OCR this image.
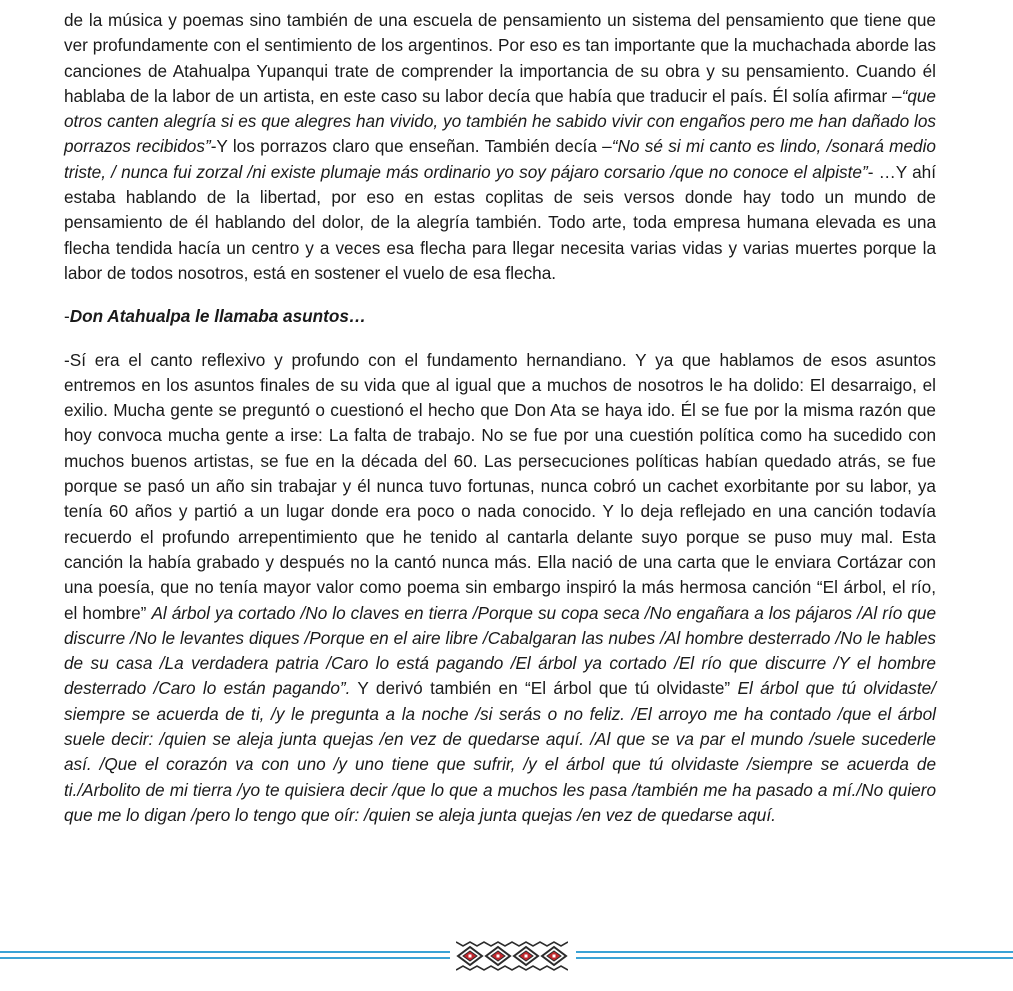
de la música y poemas sino también de una escuela de pensamiento un sistema del pensamiento que tiene que ver profundamente con el sentimiento de los argentinos. Por eso es tan importante que la muchachada aborde las canciones de Atahualpa Yupanqui trate de comprender la importancia de su obra y su pensamiento. Cuando él hablaba de la labor de un artista, en este caso su labor decía que había que traducir el país. Él solía afirmar –“que otros canten alegría si es que alegres han vivido, yo también he sabido vivir con engaños pero me han dañado los porrazos recibidos”-Y los porrazos claro que enseñan. También decía –“No sé si mi canto es lindo, /sonará medio triste, / nunca fui zorzal /ni existe plumaje más ordinario yo soy pájaro corsario /que no conoce el alpiste”- …Y ahí estaba hablando de la libertad, por eso en estas coplitas de seis versos donde hay todo un mundo de pensamiento de él hablando del dolor, de la alegría también. Todo arte, toda empresa humana elevada es una flecha tendida hacía un centro y a veces esa flecha para llegar necesita varias vidas y varias muertes porque la labor de todos nosotros, está en sostener el vuelo de esa flecha.

-Don Atahualpa le llamaba asuntos…

-Sí era el canto reflexivo y profundo con el fundamento hernandiano. Y ya que hablamos de esos asuntos entremos en los asuntos finales de su vida que al igual que a muchos de nosotros le ha dolido: El desarraigo, el exilio. Mucha gente se preguntó o cuestionó el hecho que Don Ata se haya ido. Él se fue por la misma razón que hoy convoca mucha gente a irse: La falta de trabajo. No se fue por una cuestión política como ha sucedido con muchos buenos artistas, se fue en la década del 60. Las persecuciones políticas habían quedado atrás, se fue porque se pasó un año sin trabajar y él nunca tuvo fortunas, nunca cobró un cachet exorbitante por su labor, ya tenía 60 años y partió a un lugar donde era poco o nada conocido. Y lo deja reflejado en una canción todavía recuerdo el profundo arrepentimiento que he tenido al cantarla delante suyo porque se puso muy mal. Esta canción la había grabado y después no la cantó nunca más. Ella nació de una carta que le enviara Cortázar con una poesía, que no tenía mayor valor como poema sin embargo inspiró la más hermosa canción “El árbol, el río, el hombre” Al árbol ya cortado /No lo claves en tierra /Porque su copa seca /No engañara a los pájaros /Al río que discurre /No le levantes diques /Porque en el aire libre /Cabalgaran las nubes /Al hombre desterrado /No le hables de su casa /La verdadera patria /Caro lo está pagando /El árbol ya cortado /El río que discurre /Y el hombre desterrado /Caro lo están pagando”. Y derivó también en “El árbol que tú olvidaste” El árbol que tú olvidaste/ siempre se acuerda de ti, /y le pregunta a la noche /si serás o no feliz. /El arroyo me ha contado /que el árbol suele decir: /quien se aleja junta quejas /en vez de quedarse aquí. /Al que se va par el mundo /suele sucederle así. /Que el corazón va con uno /y uno tiene que sufrir, /y el árbol que tú olvidaste /siempre se acuerda de ti./Arbolito de mi tierra /yo te quisiera decir /que lo que a muchos les pasa /también me ha pasado a mí./No quiero que me lo digan /pero lo tengo que oír: /quien se aleja junta quejas /en vez de quedarse aquí.
